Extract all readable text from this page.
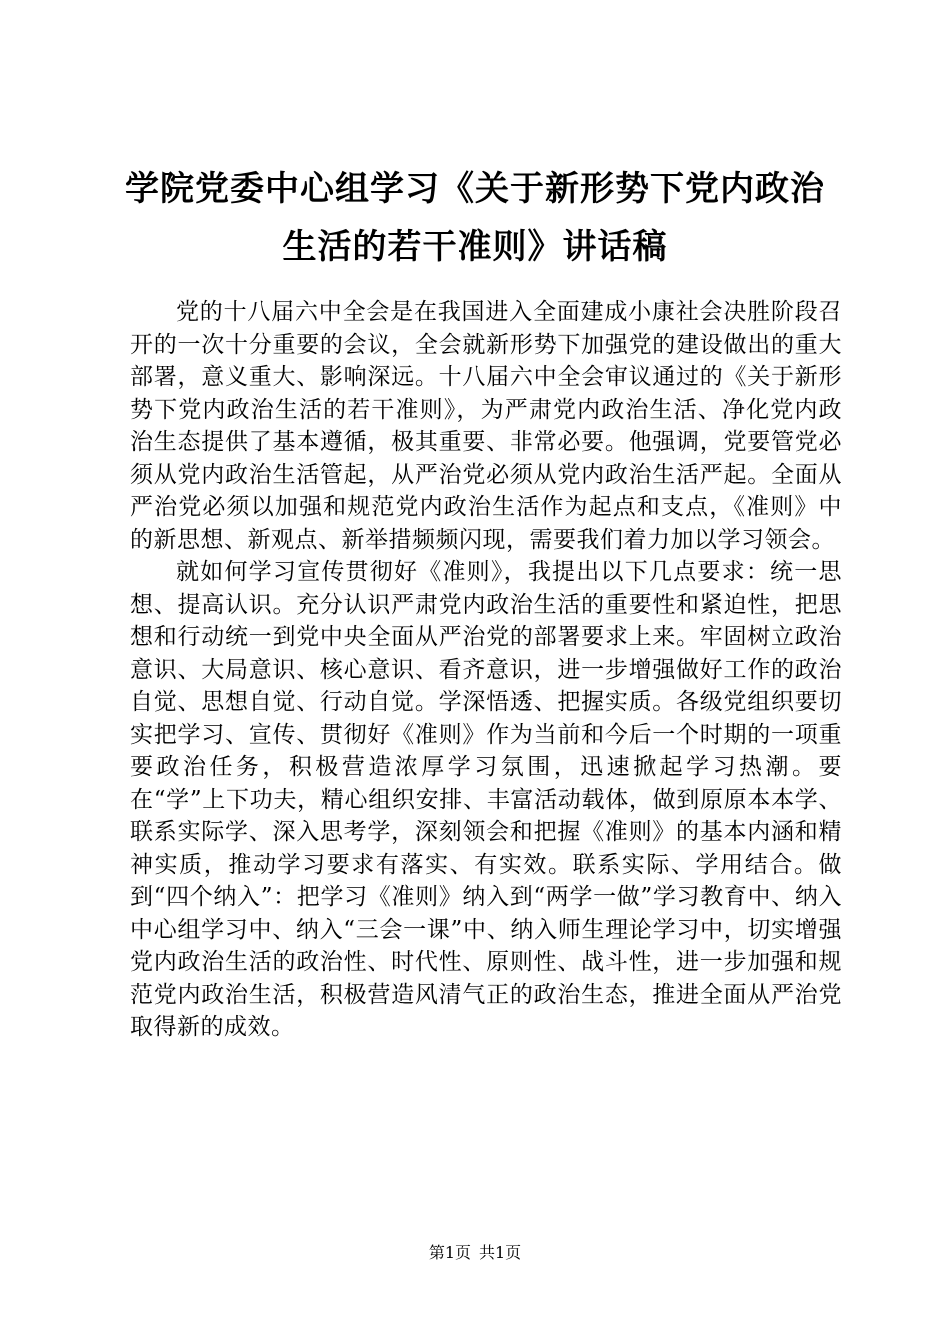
学院党委中心组学习《关于新形势下党内政治
生活的若干准则》讲话稿

党的十八届六中全会是在我国进入全面建成小康社会决胜阶段召开的一次十分重要的会议，全会就新形势下加强党的建设做出的重大部署，意义重大、影响深远。十八届六中全会审议通过的《关于新形势下党内政治生活的若干准则》，为严肃党内政治生活、净化党内政治生态提供了基本遵循，极其重要、非常必要。他强调，党要管党必须从党内政治生活管起，从严治党必须从党内政治生活严起。全面从严治党必须以加强和规范党内政治生活作为起点和支点，《准则》中的新思想、新观点、新举措频频闪现，需要我们着力加以学习领会。

就如何学习宣传贯彻好《准则》，我提出以下几点要求：统一思想、提高认识。充分认识严肃党内政治生活的重要性和紧迫性，把思想和行动统一到党中央全面从严治党的部署要求上来。牢固树立政治意识、大局意识、核心意识、看齐意识，进一步增强做好工作的政治自觉、思想自觉、行动自觉。学深悟透、把握实质。各级党组织要切实把学习、宣传、贯彻好《准则》作为当前和今后一个时期的一项重要政治任务，积极营造浓厚学习氛围，迅速掀起学习热潮。要在“学”上下功夫，精心组织安排、丰富活动载体，做到原原本本学、联系实际学、深入思考学，深刻领会和把握《准则》的基本内涵和精神实质，推动学习要求有落实、有实效。联系实际、学用结合。做到“四个纳入”：把学习《准则》纳入到“两学一做”学习教育中、纳入中心组学习中、纳入“三会一课”中、纳入师生理论学习中，切实增强党内政治生活的政治性、时代性、原则性、战斗性，进一步加强和规范党内政治生活，积极营造风清气正的政治生态，推进全面从严治党取得新的成效。

第1页 共1页
